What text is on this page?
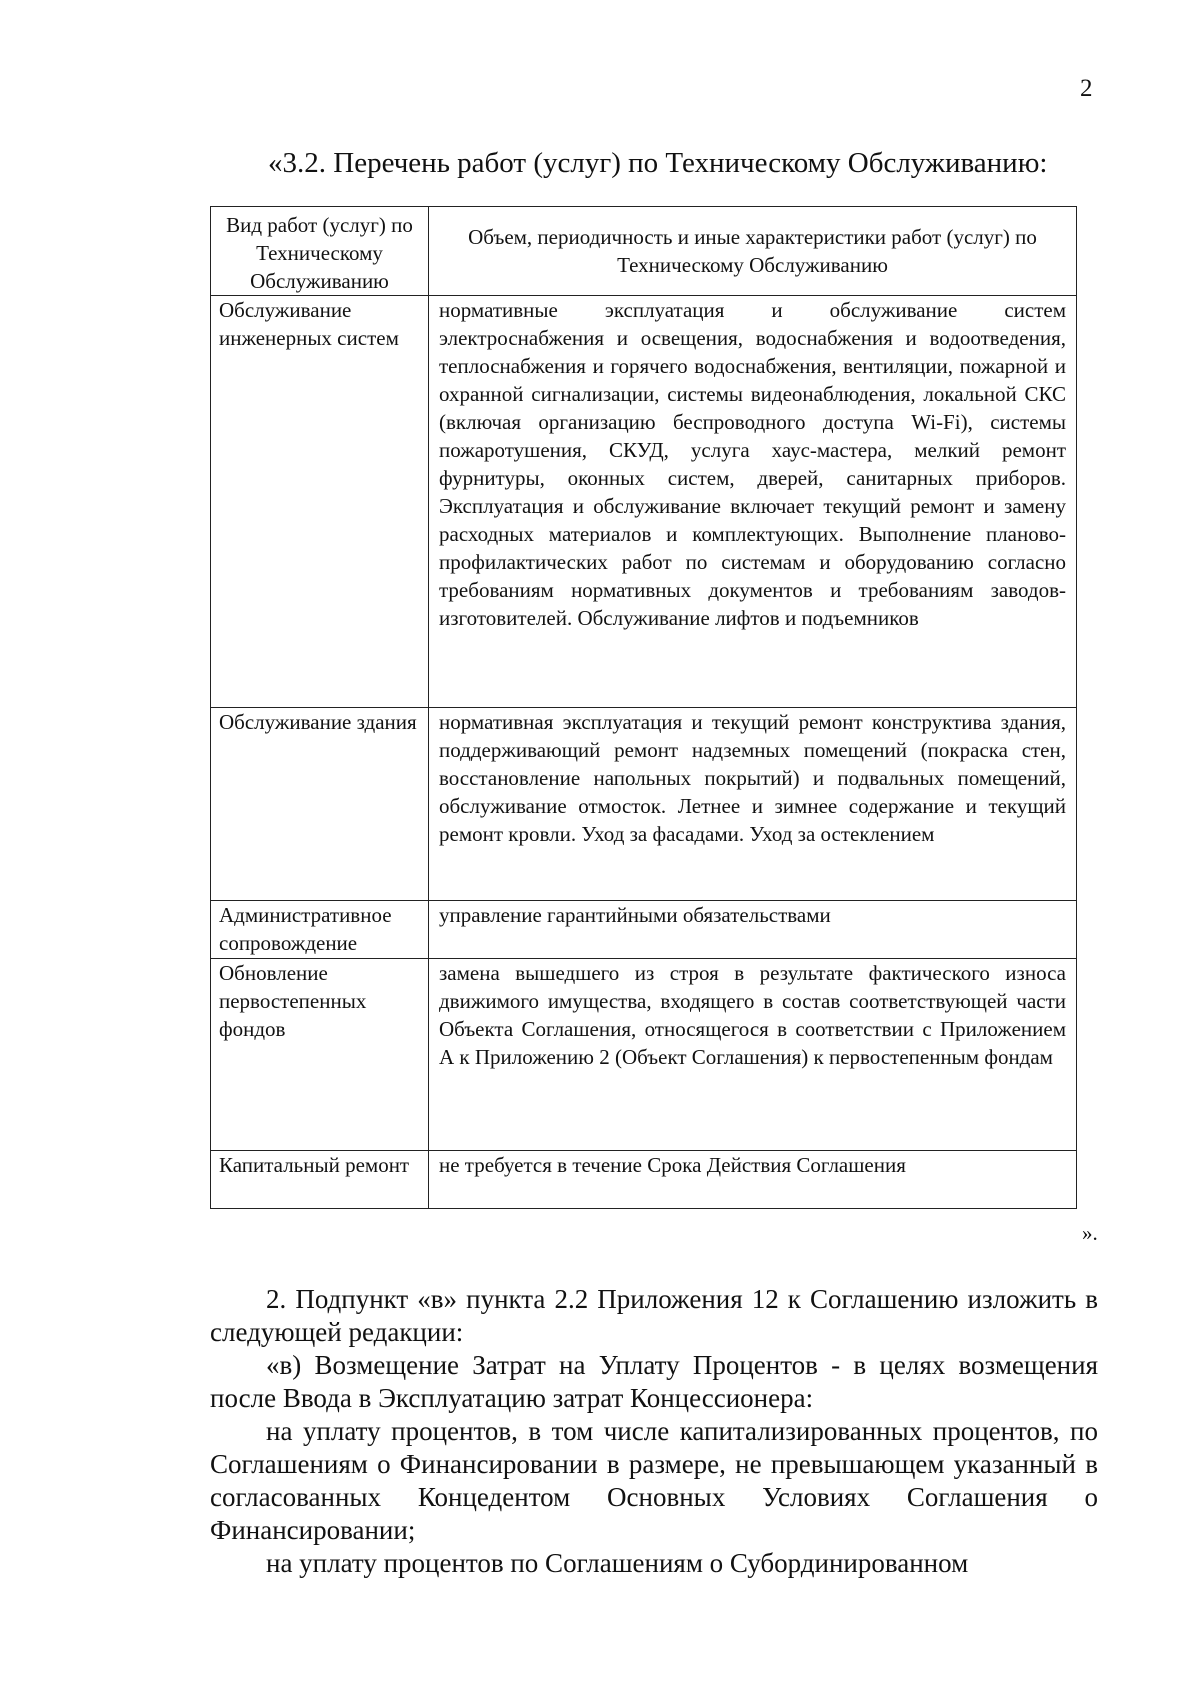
2
«3.2. Перечень работ (услуг) по Техническому Обслуживанию:
Вид работ (услуг) по Техническому Обслуживанию	Объем, периодичность и иные характеристики работ (услуг) по Техническому Обслуживанию
Обслуживание инженерных систем	нормативные эксплуатация и обслуживание систем электроснабжения и освещения, водоснабжения и водоотведения, теплоснабжения и горячего водоснабжения, вентиляции, пожарной и охранной сигнализации, системы видеонаблюдения, локальной СКС (включая организацию беспроводного доступа Wi-Fi), системы пожаротушения, СКУД, услуга хаус-мастера, мелкий ремонт фурнитуры, оконных систем, дверей, санитарных приборов. Эксплуатация и обслуживание включает текущий ремонт и замену расходных материалов и комплектующих. Выполнение планово-профилактических работ по системам и оборудованию согласно требованиям нормативных документов и требованиям заводов-изготовителей. Обслуживание лифтов и подъемников
Обслуживание здания	нормативная эксплуатация и текущий ремонт конструктива здания, поддерживающий ремонт надземных помещений (покраска стен, восстановление напольных покрытий) и подвальных помещений, обслуживание отмосток. Летнее и зимнее содержание и текущий ремонт кровли. Уход за фасадами. Уход за остеклением
Административное сопровождение	управление гарантийными обязательствами
Обновление первостепенных фондов	замена вышедшего из строя в результате фактического износа движимого имущества, входящего в состав соответствующей части Объекта Соглашения, относящегося в соответствии с Приложением А к Приложению 2 (Объект Соглашения) к первостепенным фондам
Капитальный ремонт	не требуется в течение Срока Действия Соглашения
».

2. Подпункт «в» пункта 2.2 Приложения 12 к Соглашению изложить в следующей редакции:

«в) Возмещение Затрат на Уплату Процентов - в целях возмещения после Ввода в Эксплуатацию затрат Концессионера:

на уплату процентов, в том числе капитализированных процентов, по Соглашениям о Финансировании в размере, не превышающем указанный в согласованных Концедентом Основных Условиях Соглашения о Финансировании;

на уплату процентов по Соглашениям о Субординированном
